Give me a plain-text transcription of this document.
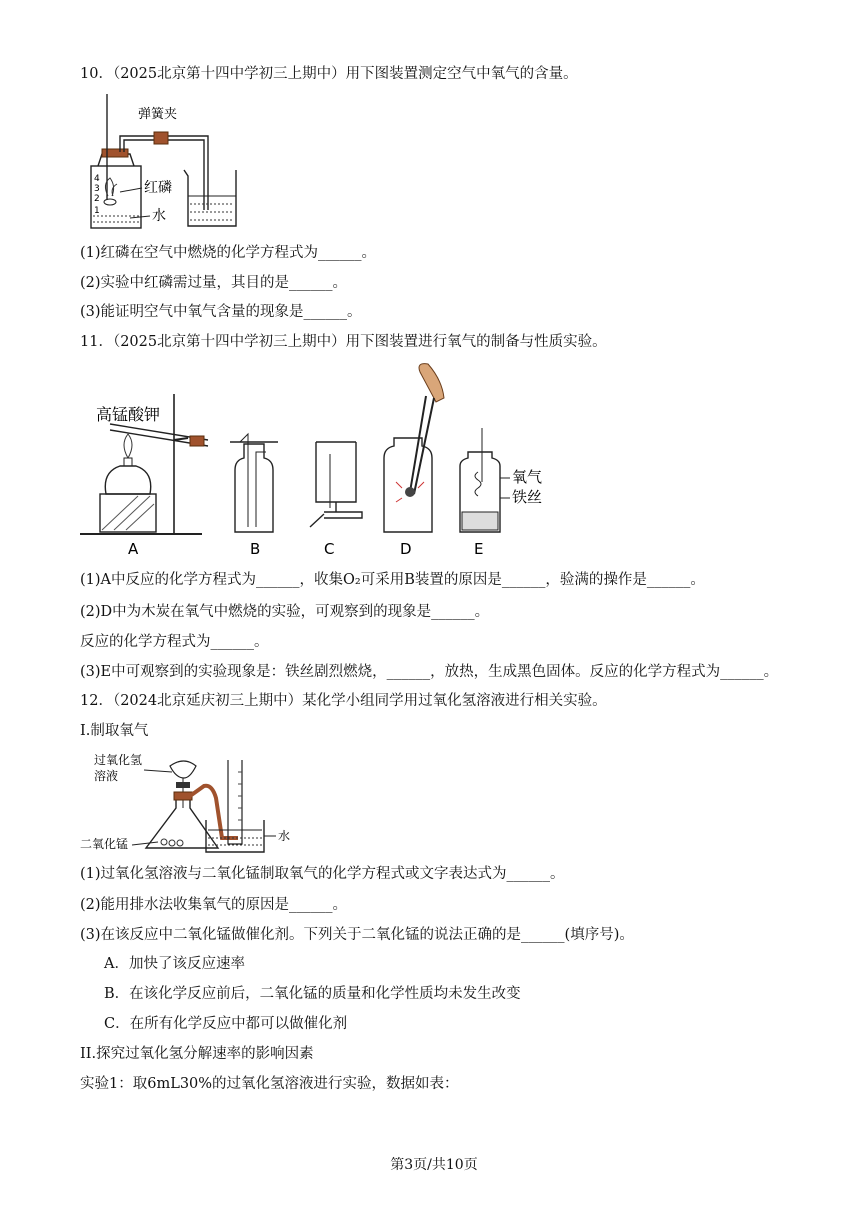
10．（2025北京第十四中学初三上期中）用下图装置测定空气中氧气的含量。
4
3
2
1
弹簧夹
红磷
水
(1)红磷在空气中燃烧的化学方程式为______。
(2)实验中红磷需过量，其目的是______。
(3)能证明空气中氧气含量的现象是______。
11．（2025北京第十四中学初三上期中）用下图装置进行氧气的制备与性质实验。
高锰酸钾
A	B	C	D
氧气
铁丝
E
(1)A中反应的化学方程式为______，收集O₂可采用B装置的原因是______，验满的操作是______。
(2)D中为木炭在氧气中燃烧的实验，可观察到的现象是______。
反应的化学方程式为______。
(3)E中可观察到的实验现象是：铁丝剧烈燃烧，______，放热，生成黑色固体。反应的化学方程式为______。
12．（2024北京延庆初三上期中）某化学小组同学用过氧化氢溶液进行相关实验。
I.制取氧气
过氧化氢
溶液
二氧化锰
水
(1)过氧化氢溶液与二氧化锰制取氧气的化学方程式或文字表达式为______。
(2)能用排水法收集氧气的原因是______。
(3)在该反应中二氧化锰做催化剂。下列关于二氧化锰的说法正确的是______(填序号)。
A．加快了该反应速率
B．在该化学反应前后，二氧化锰的质量和化学性质均未发生改变
C．在所有化学反应中都可以做催化剂
II.探究过氧化氢分解速率的影响因素
实验1：取6mL30%的过氧化氢溶液进行实验，数据如表：
第3页/共10页
